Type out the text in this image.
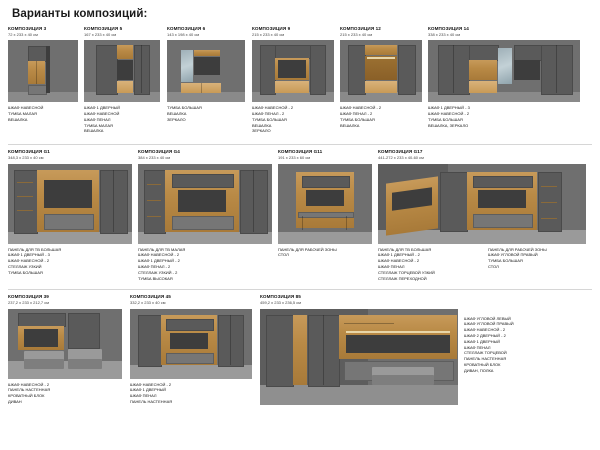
Варианты композиций:
КОМПОЗИЦИЯ 3
72 x 233 x 40 см
ШКАФ НАВЕСНОЙ
ТУМБА МАЛАЯ
ВЕШАЛКА
КОМПОЗИЦИЯ 5
167 x 233 x 40 см
ШКАФ 1 ДВЕРНЫЙ
ШКАФ НАВЕСНОЙ
ШКАФ ПЕНАЛ
ТУМБА МАЛАЯ
ВЕШАЛКА
КОМПОЗИЦИЯ 6
143 x 198 x 40 см
ТУМБА БОЛЬШАЯ
ВЕШАЛКА
ЗЕРКАЛО
КОМПОЗИЦИЯ 9
215 x 233 x 40 см
ШКАФ НАВЕСНОЙ - 2
ШКАФ ПЕНАЛ - 2
ТУМБА БОЛЬШАЯ
ВЕШАЛКА
ЗЕРКАЛО
КОМПОЗИЦИЯ 12
215 x 233 x 40 см
ШКАФ НАВЕСНОЙ - 2
ШКАФ ПЕНАЛ - 2
ТУМБА БОЛЬШАЯ
ВЕШАЛКА
КОМПОЗИЦИЯ 14
338 x 233 x 40 см
ШКАФ 1 ДВЕРНЫЙ - 3
ШКАФ НАВЕСНОЙ - 2
ТУМБА БОЛЬШАЯ
ВЕШАЛКА, ЗЕРКАЛО
КОМПОЗИЦИЯ G1
348,3 x 233 x 40 см
ПАНЕЛЬ ДЛЯ ТВ БОЛЬШАЯ
ШКАФ 1 ДВЕРНЫЙ - 3
ШКАФ НАВЕСНОЙ - 2
СТЕЛЛАЖ УЗКИЙ
ТУМБА БОЛЬШАЯ
КОМПОЗИЦИЯ G4
384 x 233 x 40 см
ПАНЕЛЬ ДЛЯ ТВ МАЛАЯ
ШКАФ НАВЕСНОЙ - 2
ШКАФ 1 ДВЕРНЫЙ - 2
ШКАФ ПЕНАЛ - 2
СТЕЛЛАЖ УЗКИЙ - 2
ТУМБА ВЫСОКАЯ
КОМПОЗИЦИЯ G11
191 x 233 x 60 см
ПАНЕЛЬ ДЛЯ РАБОЧЕЙ ЗОНЫ
СТОЛ
КОМПОЗИЦИЯ G17
441-272 x 233 x 40-60 см
ПАНЕЛЬ ДЛЯ ТВ БОЛЬШАЯ
ШКАФ 1 ДВЕРНЫЙ - 2
ШКАФ НАВЕСНОЙ - 2
ШКАФ ПЕНАЛ
СТЕЛЛАЖ ТОРЦЕВОЙ УЗКИЙ
СТЕЛЛАЖ ПЕРЕХОДНОЙ
ПАНЕЛЬ ДЛЯ РАБОЧЕЙ ЗОНЫ
ШКАФ УГЛОВОЙ ПРАВЫЙ
ТУМБА БОЛЬШАЯ
СТОЛ
КОМПОЗИЦИЯ 39
237,2 x 233 x 212,7 см
ШКАФ НАВЕСНОЙ - 2
ПАНЕЛЬ НАСТЕННАЯ
КРОВАТНЫЙ БЛОК
ДИВАН
КОМПОЗИЦИЯ 45
332,2 x 233 x 40 см
ШКАФ НАВЕСНОЙ - 2
ШКАФ 1 ДВЕРНЫЙ
ШКАФ ПЕНАЛ
ПАНЕЛЬ НАСТЕННАЯ
КОМПОЗИЦИЯ 85
459,2 x 233 x 236,5 см
ШКАФ УГЛОВОЙ ЛЕВЫЙ
ШКАФ УГЛОВОЙ ПРАВЫЙ
ШКАФ НАВЕСНОЙ - 2
ШКАФ 2 ДВЕРНЫЙ - 2
ШКАФ 1 ДВЕРНЫЙ
ШКАФ ПЕНАЛ
СТЕЛЛАЖ ТОРЦЕВОЙ
ПАНЕЛЬ НАСТЕННАЯ
КРОВАТНЫЙ БЛОК
ДИВАН, ПОЛКА
